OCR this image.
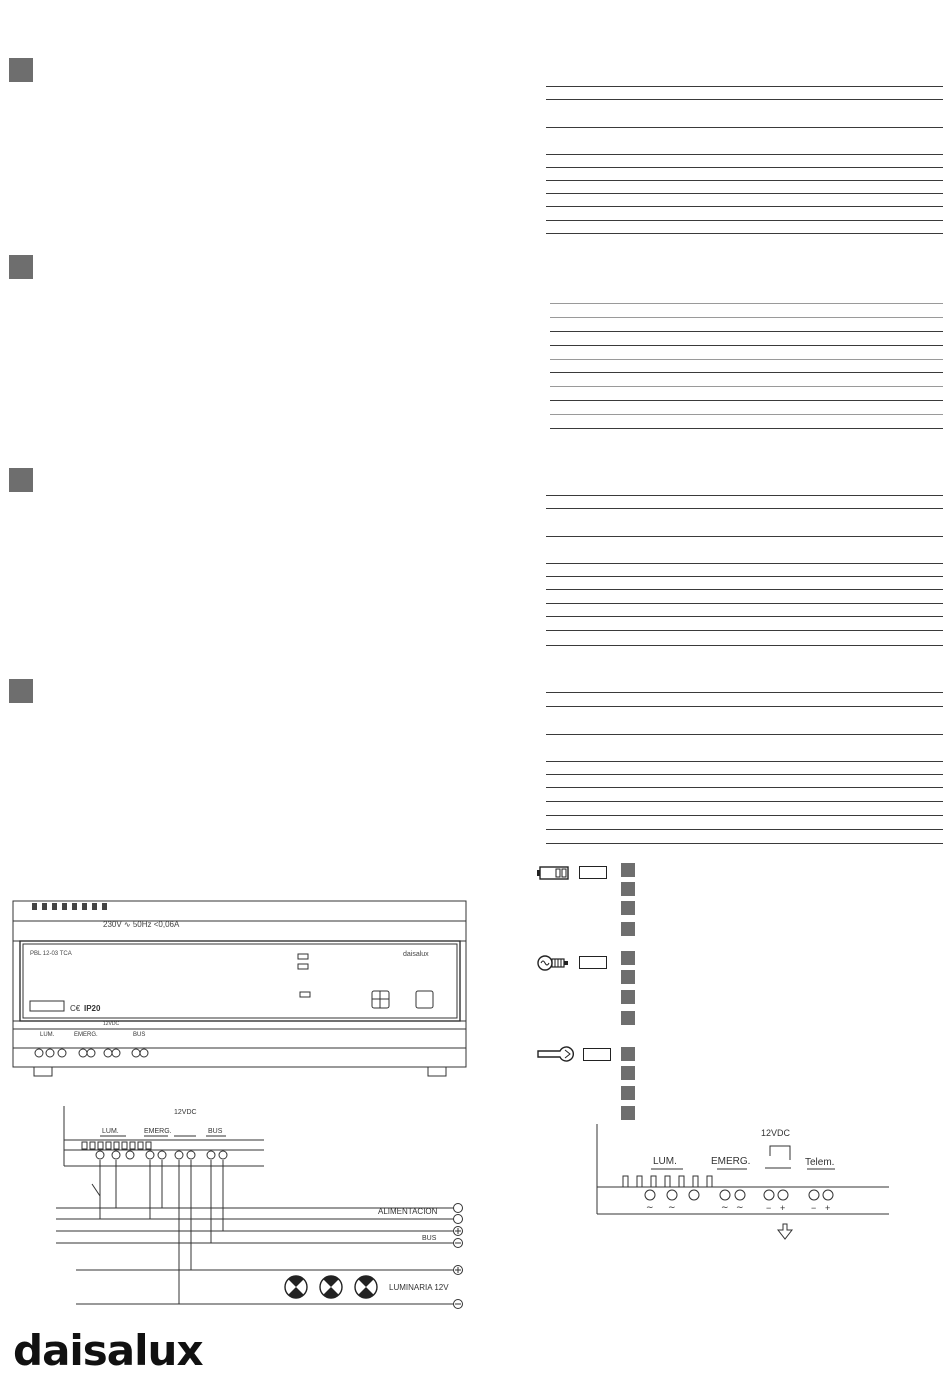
230V ∿ 50Hz <0,06A
PBL 12-03 TCA	daisalux
C€ IP20
LUM.	EMERG.
12VDC
BUS
LUM.	EMERG.
12VDC
BUS
ALIMENTACION
BUS
LUMINARIA 12V
∼ ∼	∼ ∼ − +	− +
LUM.	EMERG.
12VDC
Telem.
daisalux
